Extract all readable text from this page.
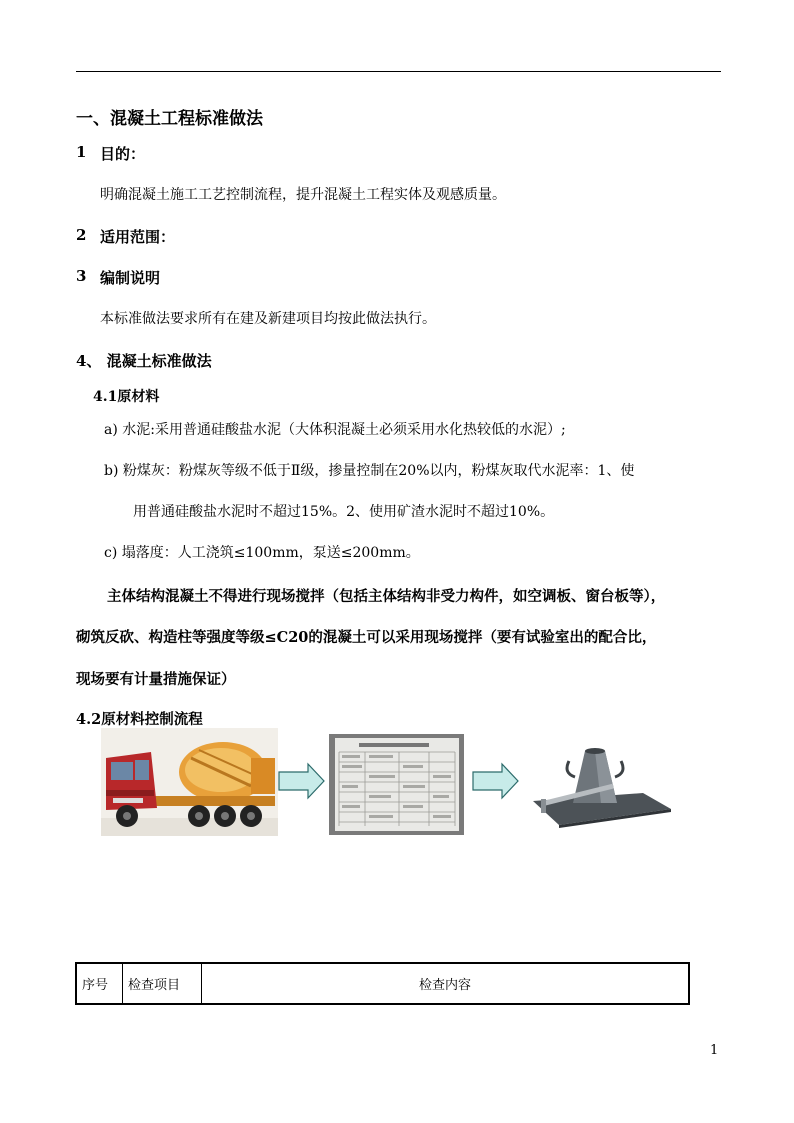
一、混凝土工程标准做法
1 目的：
明确混凝土施工工艺控制流程，提升混凝土工程实体及观感质量。
2 适用范围：
3 编制说明
本标准做法要求所有在建及新建项目均按此做法执行。
4、 混凝土标准做法
4.1原材料
a) 水泥:采用普通硅酸盐水泥（大体积混凝土必须采用水化热较低的水泥）;
b) 粉煤灰：粉煤灰等级不低于Ⅱ级，掺量控制在20%以内，粉煤灰取代水泥率：1、使
用普通硅酸盐水泥时不超过15%。2、使用矿渣水泥时不超过10%。
c) 塌落度：人工浇筑≤100mm，泵送≤200mm。
主体结构混凝土不得进行现场搅拌（包括主体结构非受力构件，如空调板、窗台板等），
砌筑反砍、构造柱等强度等级≤C20的混凝土可以采用现场搅拌（要有试验室出的配合比，
现场要有计量措施保证）
4.2原材料控制流程
序号	检查项目	检查内容
1
